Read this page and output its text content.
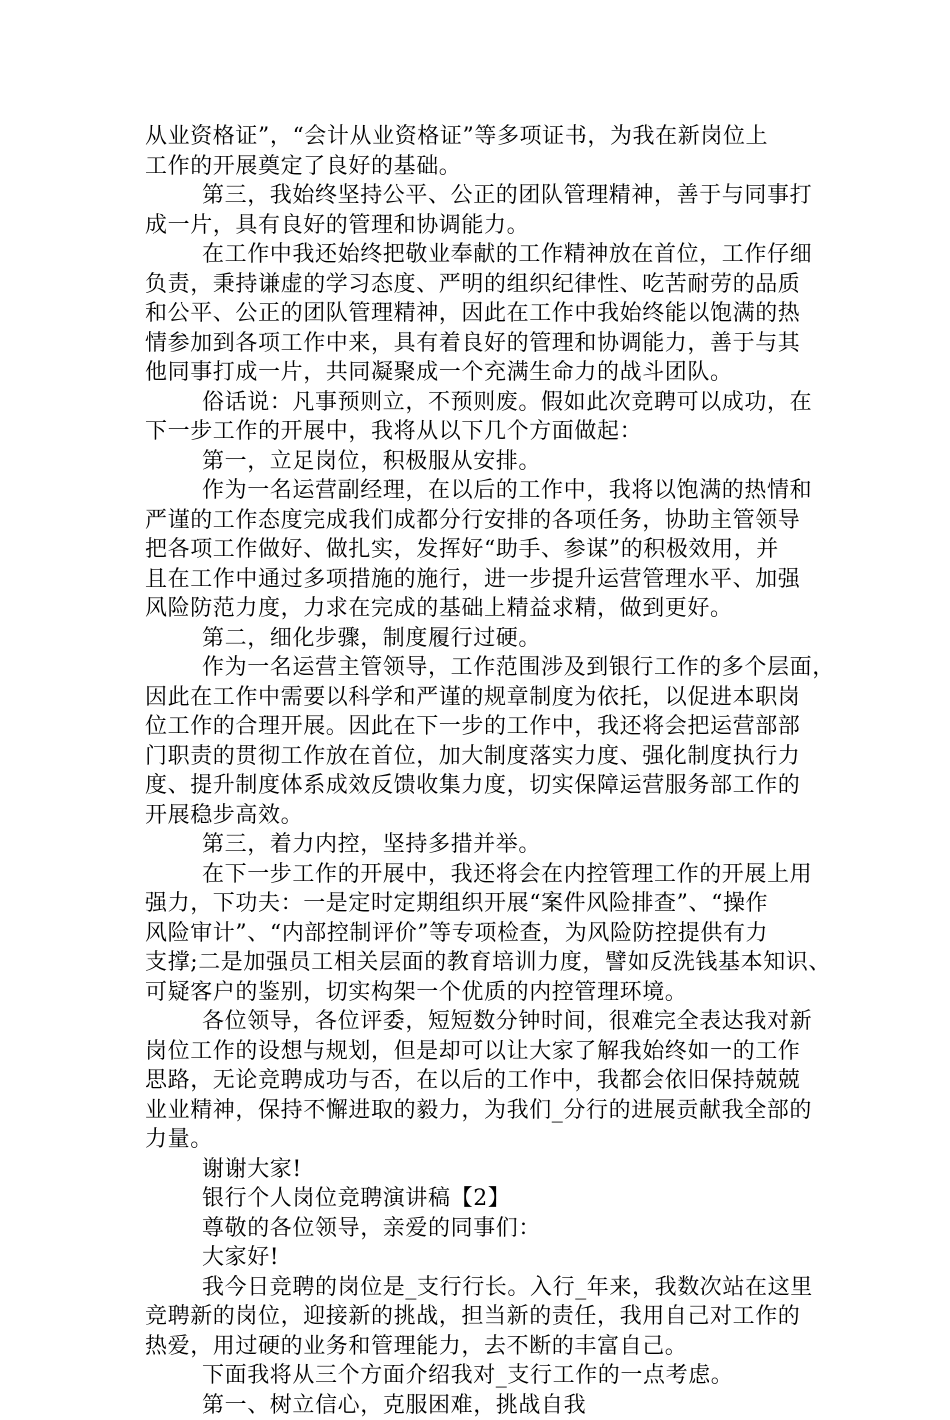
从业资格证”，“会计从业资格证”等多项证书，为我在新岗位上
工作的开展奠定了良好的基础。
第三，我始终坚持公平、公正的团队管理精神，善于与同事打
成一片，具有良好的管理和协调能力。
在工作中我还始终把敬业奉献的工作精神放在首位，工作仔细
负责，秉持谦虚的学习态度、严明的组织纪律性、吃苦耐劳的品质
和公平、公正的团队管理精神，因此在工作中我始终能以饱满的热
情参加到各项工作中来，具有着良好的管理和协调能力，善于与其
他同事打成一片，共同凝聚成一个充满生命力的战斗团队。
俗话说：凡事预则立，不预则废。假如此次竞聘可以成功，在
下一步工作的开展中，我将从以下几个方面做起：
第一，立足岗位，积极服从安排。
作为一名运营副经理，在以后的工作中，我将以饱满的热情和
严谨的工作态度完成我们成都分行安排的各项任务，协助主管领导
把各项工作做好、做扎实，发挥好“助手、参谋”的积极效用，并
且在工作中通过多项措施的施行，进一步提升运营管理水平、加强
风险防范力度，力求在完成的基础上精益求精，做到更好。
第二，细化步骤，制度履行过硬。
作为一名运营主管领导，工作范围涉及到银行工作的多个层面，
因此在工作中需要以科学和严谨的规章制度为依托，以促进本职岗
位工作的合理开展。因此在下一步的工作中，我还将会把运营部部
门职责的贯彻工作放在首位，加大制度落实力度、强化制度执行力
度、提升制度体系成效反馈收集力度，切实保障运营服务部工作的
开展稳步高效。
第三，着力内控，坚持多措并举。
在下一步工作的开展中，我还将会在内控管理工作的开展上用
强力，下功夫：一是定时定期组织开展“案件风险排查”、“操作
风险审计”、“内部控制评价”等专项检查，为风险防控提供有力
支撑;二是加强员工相关层面的教育培训力度，譬如反洗钱基本知识、
可疑客户的鉴别，切实构架一个优质的内控管理环境。
各位领导，各位评委，短短数分钟时间，很难完全表达我对新
岗位工作的设想与规划，但是却可以让大家了解我始终如一的工作
思路，无论竞聘成功与否，在以后的工作中，我都会依旧保持兢兢
业业精神，保持不懈进取的毅力，为我们_分行的进展贡献我全部的
力量。
谢谢大家!
银行个人岗位竞聘演讲稿【2】
尊敬的各位领导，亲爱的同事们：
大家好!
我今日竞聘的岗位是_支行行长。入行_年来，我数次站在这里
竞聘新的岗位，迎接新的挑战，担当新的责任，我用自己对工作的
热爱，用过硬的业务和管理能力，去不断的丰富自己。
下面我将从三个方面介绍我对_支行工作的一点考虑。
第一、树立信心，克服困难，挑战自我
